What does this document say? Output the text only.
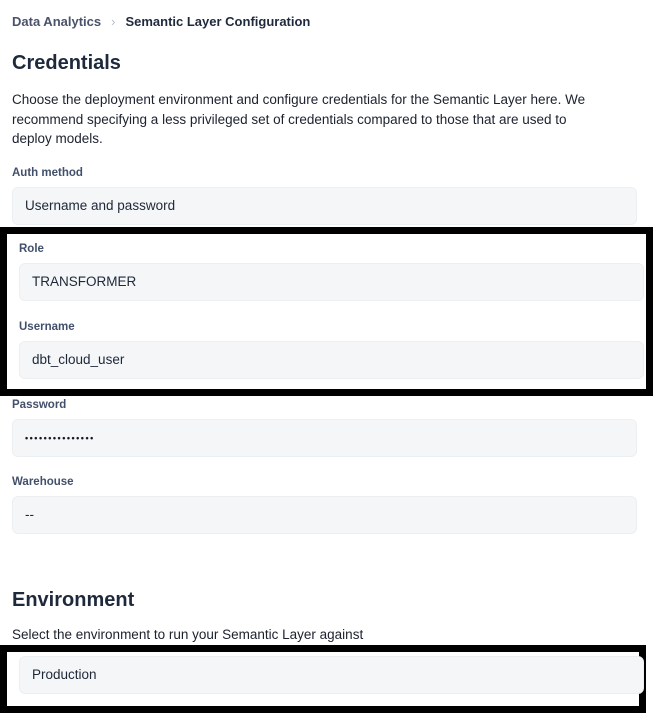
Data Analytics › Semantic Layer Configuration
Credentials

Choose the deployment environment and configure credentials for the Semantic Layer here. We recommend specifying a less privileged set of credentials compared to those that are used to deploy models.

Auth method
Username and password
Role
TRANSFORMER
Username
dbt_cloud_user
Password
•••••••••••••••
Warehouse
--
Environment

Select the environment to run your Semantic Layer against

Production
